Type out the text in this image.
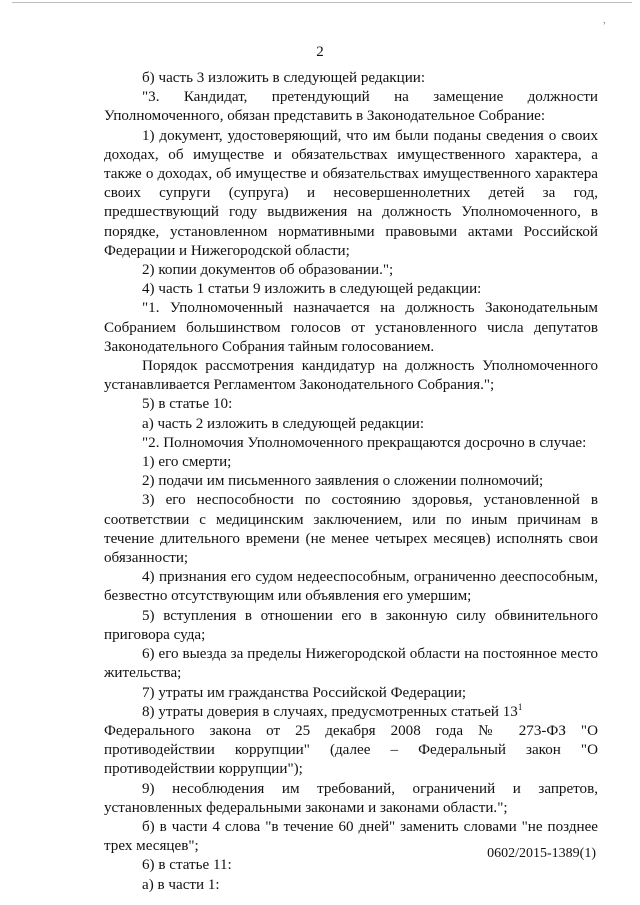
‚
2

б) часть 3 изложить в следующей редакции:

"3. Кандидат, претендующий на замещение должности Уполномоченного, обязан представить в Законодательное Собрание:

1) документ, удостоверяющий, что им были поданы сведения о своих доходах, об имуществе и обязательствах имущественного характера, а также о доходах, об имуществе и обязательствах имущественного характера своих супруги (супруга) и несовершеннолетних детей за год, предшествующий году выдвижения на должность Уполномоченного, в порядке, установленном нормативными правовыми актами Российской Федерации и Нижегородской области;

2) копии документов об образовании.";

4) часть 1 статьи 9 изложить в следующей редакции:

"1. Уполномоченный назначается на должность Законодательным Собранием большинством голосов от установленного числа депутатов Законодательного Собрания тайным голосованием.

Порядок рассмотрения кандидатур на должность Уполномоченного устанавливается Регламентом Законодательного Собрания.";

5) в статье 10:

а) часть 2 изложить в следующей редакции:

"2. Полномочия Уполномоченного прекращаются досрочно в случае:

1) его смерти;

2) подачи им письменного заявления о сложении полномочий;

3) его неспособности по состоянию здоровья, установленной в соответствии с медицинским заключением, или по иным причинам в течение длительного времени (не менее четырех месяцев) исполнять свои обязанности;

4) признания его судом недееспособным, ограниченно дееспособным, безвестно отсутствующим или объявления его умершим;

5) вступления в отношении его в законную силу обвинительного приговора суда;

6) его выезда за пределы Нижегородской области на постоянное место жительства;

7) утраты им гражданства Российской Федерации;

8) утраты доверия в случаях, предусмотренных статьей $13^1$

Федерального закона от 25 декабря 2008 года № 273-ФЗ "О противодействии коррупции" (далее – Федеральный закон "О противодействии коррупции");

9) несоблюдения им требований, ограничений и запретов, установленных федеральными законами и законами области.";

б) в части 4 слова "в течение 60 дней" заменить словами "не позднее трех месяцев";

6) в статье 11:

а) в части 1:

0602/2015-1389(1)
